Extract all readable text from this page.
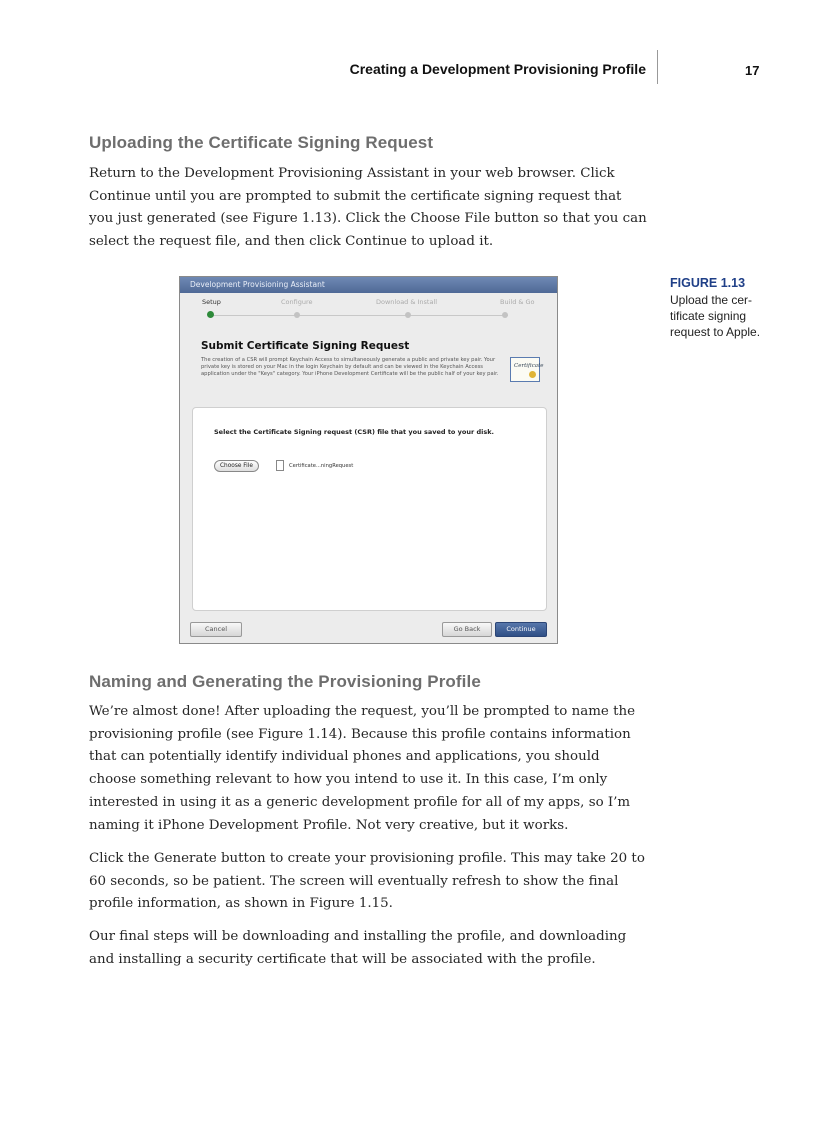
Creating a Development Provisioning Profile	17
Uploading the Certificate Signing Request

Return to the Development Provisioning Assistant in your web browser. Click Continue until you are prompted to submit the certificate signing request that you just generated (see Figure 1.13). Click the Choose File button so that you can select the request file, and then click Continue to upload it.

Development Provisioning Assistant
Setup	Configure	Download & Install	Build & Go
Submit Certificate Signing Request
The creation of a CSR will prompt Keychain Access to simultaneously generate a public and private key pair. Your private key is stored on your Mac in the login Keychain by default and can be viewed in the Keychain Access application under the "Keys" category. Your iPhone Development Certificate will be the public half of your key pair.
Certificate
Select the Certificate Signing request (CSR) file that you saved to your disk.
Choose File	Certificate...ningRequest
Cancel	Go Back	Continue
FIGURE 1.13
Upload the cer-tificate signing request to Apple.
Naming and Generating the Provisioning Profile

We’re almost done! After uploading the request, you’ll be prompted to name the provisioning profile (see Figure 1.14). Because this profile contains information that can potentially identify individual phones and applications, you should choose something relevant to how you intend to use it. In this case, I’m only interested in using it as a generic development profile for all of my apps, so I’m naming it iPhone Development Profile. Not very creative, but it works.

Click the Generate button to create your provisioning profile. This may take 20 to 60 seconds, so be patient. The screen will eventually refresh to show the final profile information, as shown in Figure 1.15.

Our final steps will be downloading and installing the profile, and downloading and installing a security certificate that will be associated with the profile.
